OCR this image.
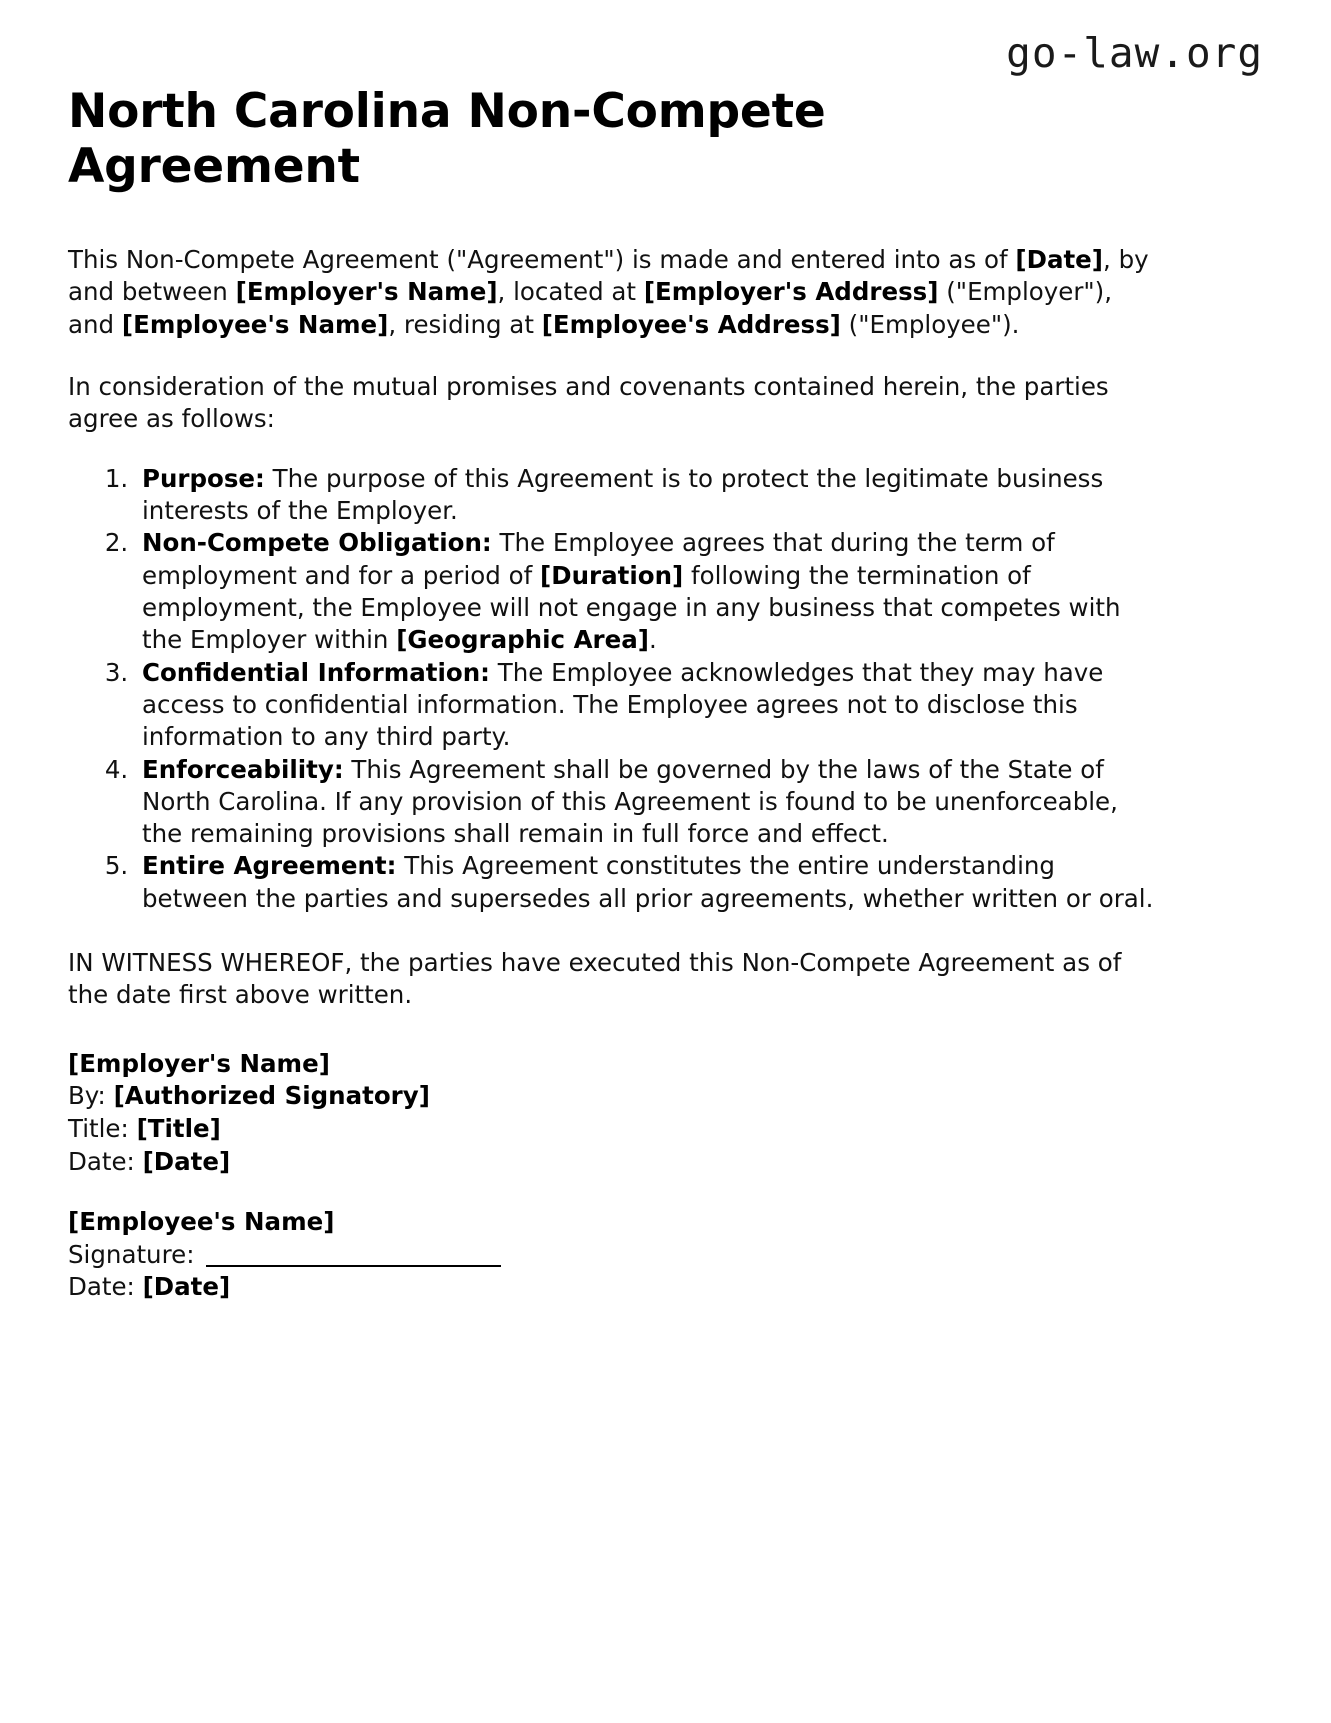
go-law.org
North Carolina Non-Compete Agreement

This Non-Compete Agreement ("Agreement") is made and entered into as of [Date], by and between [Employer's Name], located at [Employer's Address] ("Employer"), and [Employee's Name], residing at [Employee's Address] ("Employee").

In consideration of the mutual promises and covenants contained herein, the parties agree as follows:

1. Purpose: The purpose of this Agreement is to protect the legitimate business interests of the Employer.
2. Non-Compete Obligation: The Employee agrees that during the term of employment and for a period of [Duration] following the termination of employment, the Employee will not engage in any business that competes with the Employer within [Geographic Area].
3. Confidential Information: The Employee acknowledges that they may have access to confidential information. The Employee agrees not to disclose this information to any third party.
4. Enforceability: This Agreement shall be governed by the laws of the State of North Carolina. If any provision of this Agreement is found to be unenforceable, the remaining provisions shall remain in full force and effect.
5. Entire Agreement: This Agreement constitutes the entire understanding between the parties and supersedes all prior agreements, whether written or oral.

IN WITNESS WHEREOF, the parties have executed this Non-Compete Agreement as of the date first above written.

[Employer's Name]
By: [Authorized Signatory]
Title: [Title]
Date: [Date]
[Employee's Name]
Signature:
Date: [Date]
